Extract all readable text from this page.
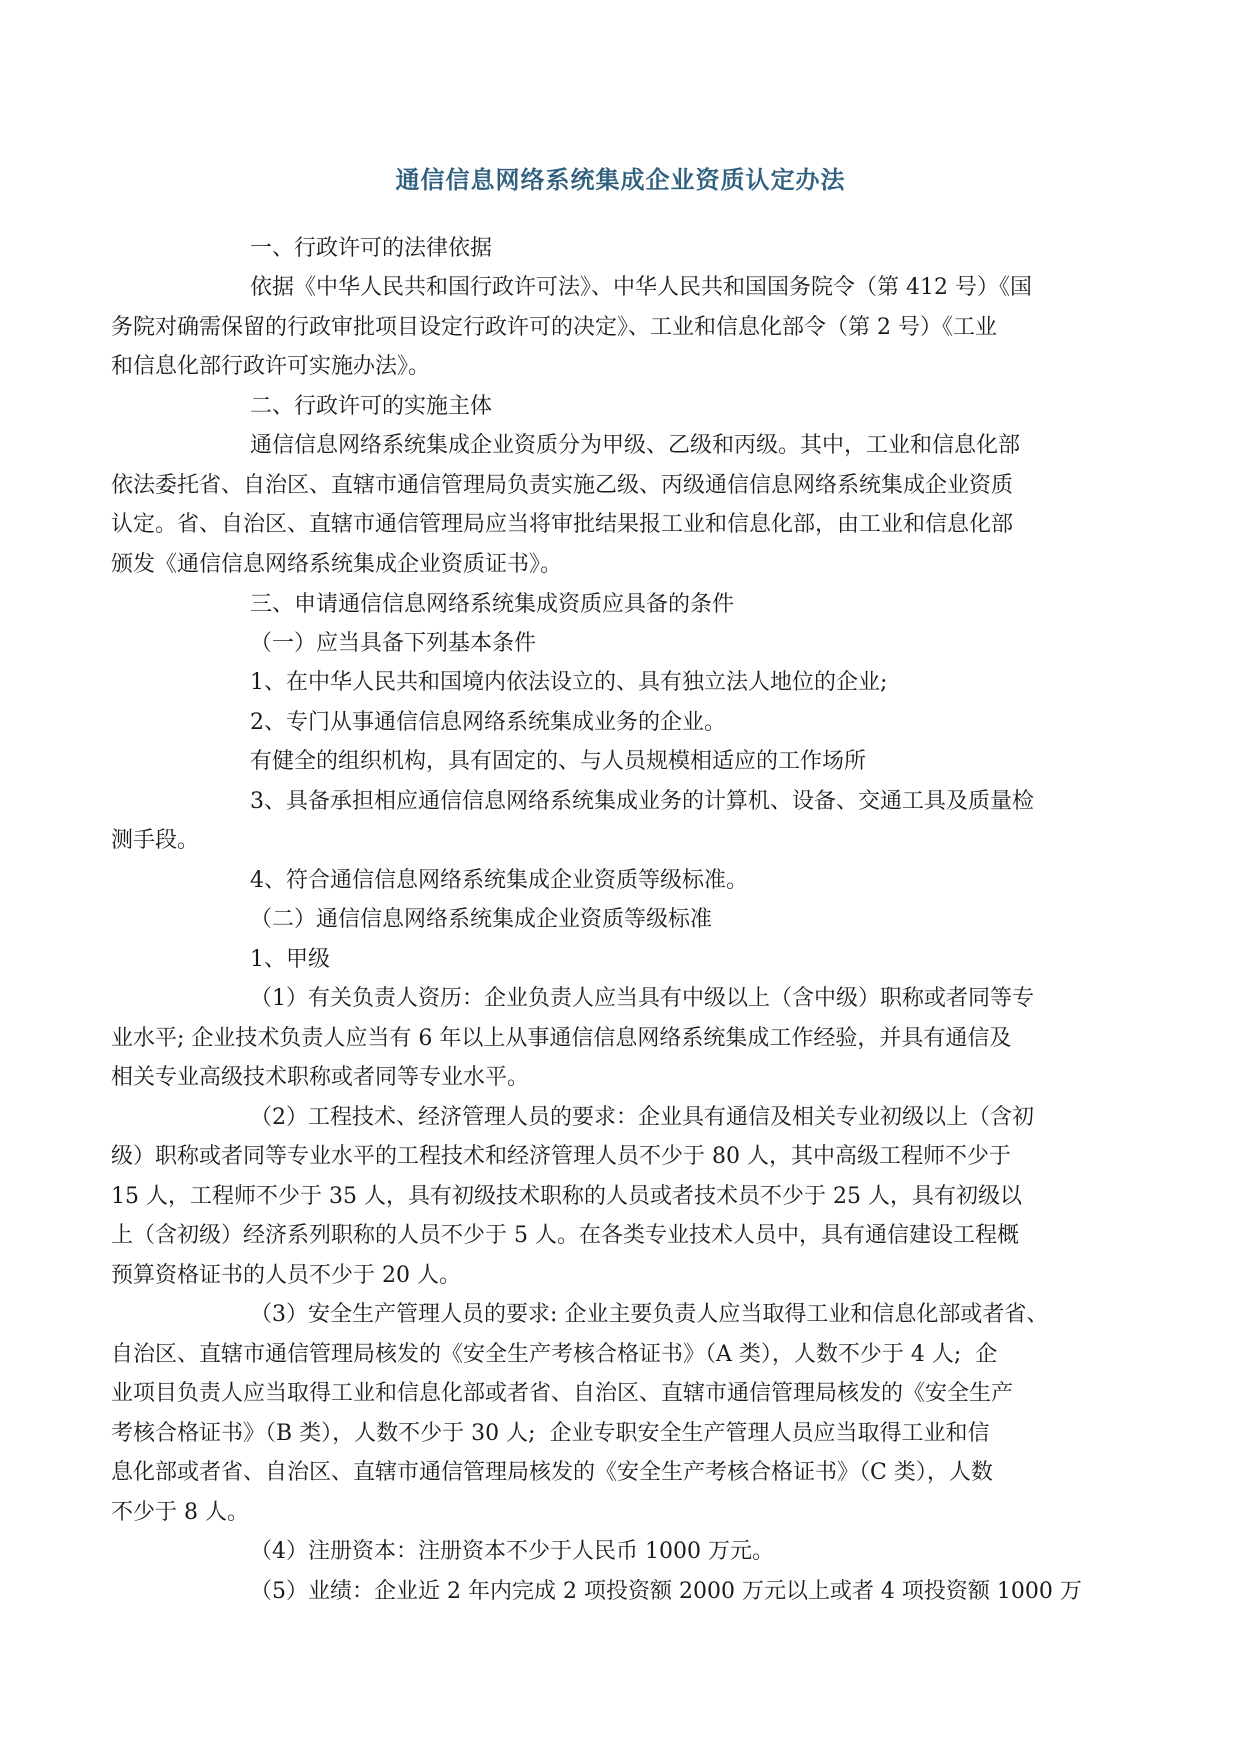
通信信息网络系统集成企业资质认定办法
一、行政许可的法律依据
依据《中华人民共和国行政许可法》、中华人民共和国国务院令（第 412 号）《国
务院对确需保留的行政审批项目设定行政许可的决定》、工业和信息化部令（第 2 号）《工业
和信息化部行政许可实施办法》。
二、行政许可的实施主体
通信信息网络系统集成企业资质分为甲级、乙级和丙级。其中，工业和信息化部
依法委托省、自治区、直辖市通信管理局负责实施乙级、丙级通信信息网络系统集成企业资质
认定。省、自治区、直辖市通信管理局应当将审批结果报工业和信息化部，由工业和信息化部
颁发《通信信息网络系统集成企业资质证书》。
三、申请通信信息网络系统集成资质应具备的条件
（一）应当具备下列基本条件
1、在中华人民共和国境内依法设立的、具有独立法人地位的企业;
2、专门从事通信信息网络系统集成业务的企业。
有健全的组织机构，具有固定的、与人员规模相适应的工作场所
3、具备承担相应通信信息网络系统集成业务的计算机、设备、交通工具及质量检
测手段。
4、符合通信信息网络系统集成企业资质等级标准。
（二）通信信息网络系统集成企业资质等级标准
1、甲级
（1）有关负责人资历：企业负责人应当具有中级以上（含中级）职称或者同等专
业水平; 企业技术负责人应当有 6 年以上从事通信信息网络系统集成工作经验，并具有通信及
相关专业高级技术职称或者同等专业水平。
（2）工程技术、经济管理人员的要求：企业具有通信及相关专业初级以上（含初
级）职称或者同等专业水平的工程技术和经济管理人员不少于 80 人，其中高级工程师不少于
15 人，工程师不少于 35 人，具有初级技术职称的人员或者技术员不少于 25 人，具有初级以
上（含初级）经济系列职称的人员不少于 5 人。在各类专业技术人员中，具有通信建设工程概
预算资格证书的人员不少于 20 人。
（3）安全生产管理人员的要求: 企业主要负责人应当取得工业和信息化部或者省、
自治区、直辖市通信管理局核发的《安全生产考核合格证书》（A 类），人数不少于 4 人;  企
业项目负责人应当取得工业和信息化部或者省、自治区、直辖市通信管理局核发的《安全生产
考核合格证书》（B 类），人数不少于 30 人;  企业专职安全生产管理人员应当取得工业和信
息化部或者省、自治区、直辖市通信管理局核发的《安全生产考核合格证书》（C 类），人数
不少于 8 人。
（4）注册资本：注册资本不少于人民币 1000 万元。
（5）业绩：企业近 2 年内完成 2 项投资额 2000 万元以上或者 4 项投资额 1000 万
